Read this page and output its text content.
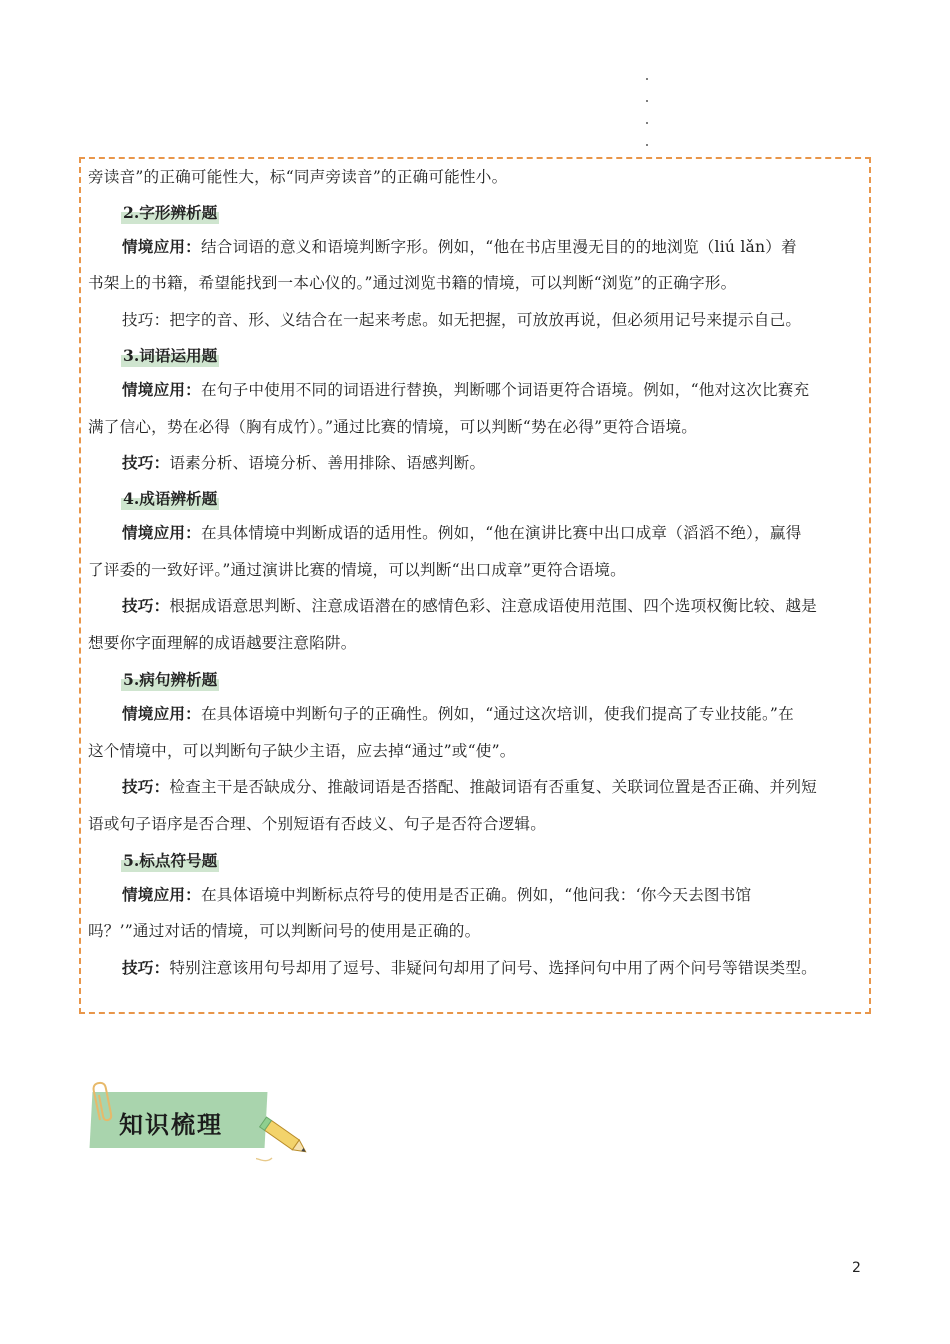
旁读音”的正确可能性大，标“同声旁读音”的正确可能性小。

2.字形辨析题

情境应用：结合词语的意义和语境判断字形。例如，“他在书店里漫无目的的地浏览（liú lǎn）着

书架上的书籍，希望能找到一本心仪的。”通过浏览书籍的情境，可以判断“浏览”的正确字形。

技巧：把字的音、形、义结合在一起来考虑。如无把握，可放放再说，但必须用记号来提示自己。

3.词语运用题

情境应用：在句子中使用不同的词语进行替换，判断哪个词语更符合语境。例如，“他对这次比赛充

满了信心，势在必得（胸有成竹）。”通过比赛的情境，可以判断“势在必得”更符合语境。

技巧：语素分析、语境分析、善用排除、语感判断。

4.成语辨析题

情境应用：在具体情境中判断成语的适用性。例如，“他在演讲比赛中出口成章（滔滔不绝），赢得

了评委的一致好评。”通过演讲比赛的情境，可以判断“出口成章”更符合语境。

技巧：根据成语意思判断、注意成语潜在的感情色彩、注意成语使用范围、四个选项权衡比较、越是

想要你字面理解的成语越要注意陷阱。

5.病句辨析题

情境应用：在具体语境中判断句子的正确性。例如，“通过这次培训，使我们提高了专业技能。”在

这个情境中，可以判断句子缺少主语，应去掉“通过”或“使”。

技巧：检查主干是否缺成分、推敲词语是否搭配、推敲词语有否重复、关联词位置是否正确、并列短

语或句子语序是否合理、个别短语有否歧义、句子是否符合逻辑。

5.标点符号题

情境应用：在具体语境中判断标点符号的使用是否正确。例如，“他问我：‘你今天去图书馆

吗？’”通过对话的情境，可以判断问号的使用是正确的。

技巧：特别注意该用句号却用了逗号、非疑问句却用了问号、选择问句中用了两个问号等错误类型。

知识梳理
2
